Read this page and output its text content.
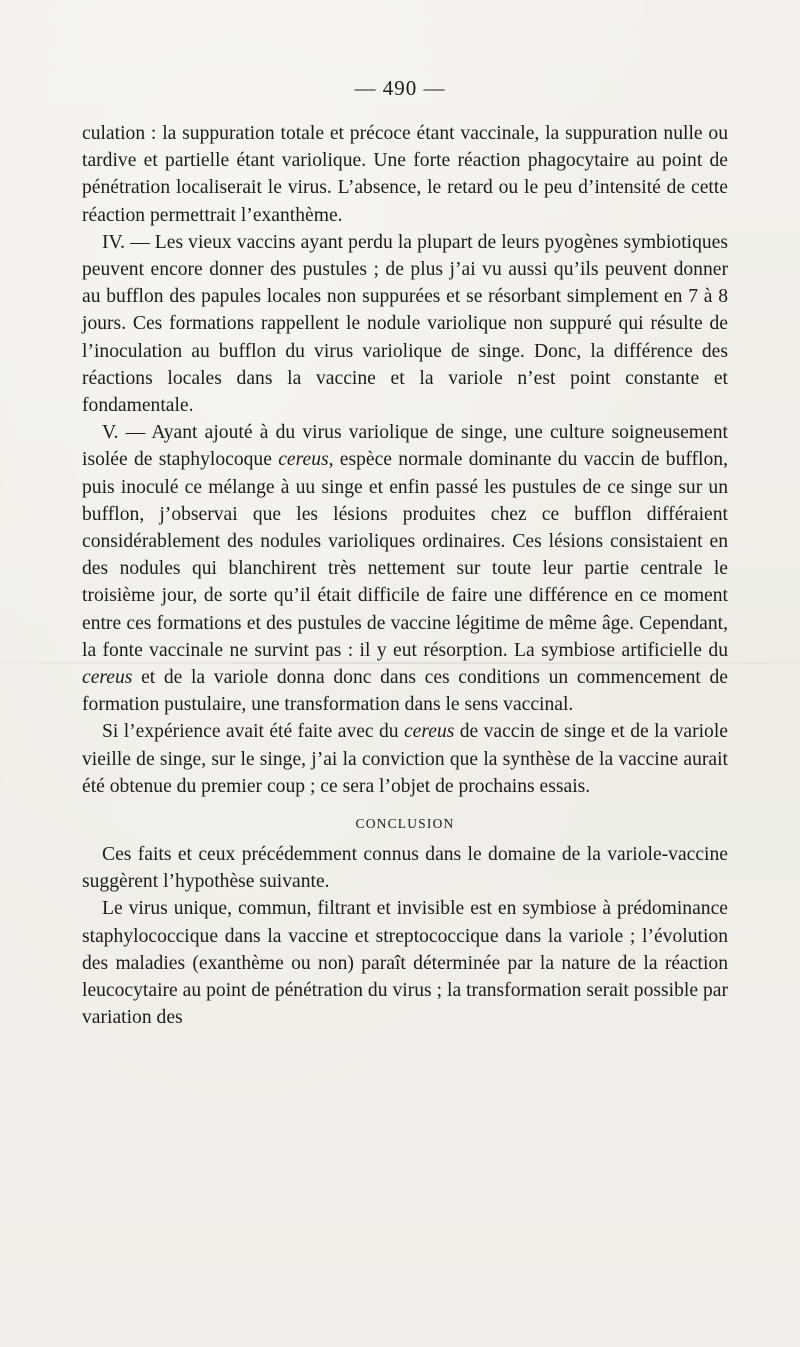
— 490 —

culation : la suppuration totale et précoce étant vaccinale, la suppuration nulle ou tardive et partielle étant variolique. Une forte réaction phagocytaire au point de pénétration localiserait le virus. L’absence, le retard ou le peu d’intensité de cette réaction permettrait l’exanthème.

IV. — Les vieux vaccins ayant perdu la plupart de leurs pyogènes symbiotiques peuvent encore donner des pustules ; de plus j’ai vu aussi qu’ils peuvent donner au bufflon des papules locales non suppurées et se résorbant simplement en 7 à 8 jours. Ces formations rappellent le nodule variolique non suppuré qui résulte de l’inoculation au bufflon du virus variolique de singe. Donc, la différence des réactions locales dans la vaccine et la variole n’est point constante et fondamentale.

V. — Ayant ajouté à du virus variolique de singe, une culture soigneusement isolée de staphylocoque cereus, espèce normale dominante du vaccin de bufflon, puis inoculé ce mélange à uu singe et enfin passé les pustules de ce singe sur un bufflon, j’observai que les lésions produites chez ce bufflon différaient considérablement des nodules varioliques ordinaires. Ces lésions consistaient en des nodules qui blanchirent très nettement sur toute leur partie centrale le troisième jour, de sorte qu’il était difficile de faire une différence en ce moment entre ces formations et des pustules de vaccine légitime de même âge. Cependant, la fonte vaccinale ne survint pas : il y eut résorption. La symbiose artificielle du cereus et de la variole donna donc dans ces conditions un commencement de formation pustulaire, une transformation dans le sens vaccinal.

Si l’expérience avait été faite avec du cereus de vaccin de singe et de la variole vieille de singe, sur le singe, j’ai la conviction que la synthèse de la vaccine aurait été obtenue du premier coup ; ce sera l’objet de prochains essais.

CONCLUSION

Ces faits et ceux précédemment connus dans le domaine de la variole-vaccine suggèrent l’hypothèse suivante.

Le virus unique, commun, filtrant et invisible est en symbiose à prédominance staphylococcique dans la vaccine et streptococcique dans la variole ; l’évolution des maladies (exanthème ou non) paraît déterminée par la nature de la réaction leucocytaire au point de pénétration du virus ; la transformation serait possible par variation des
